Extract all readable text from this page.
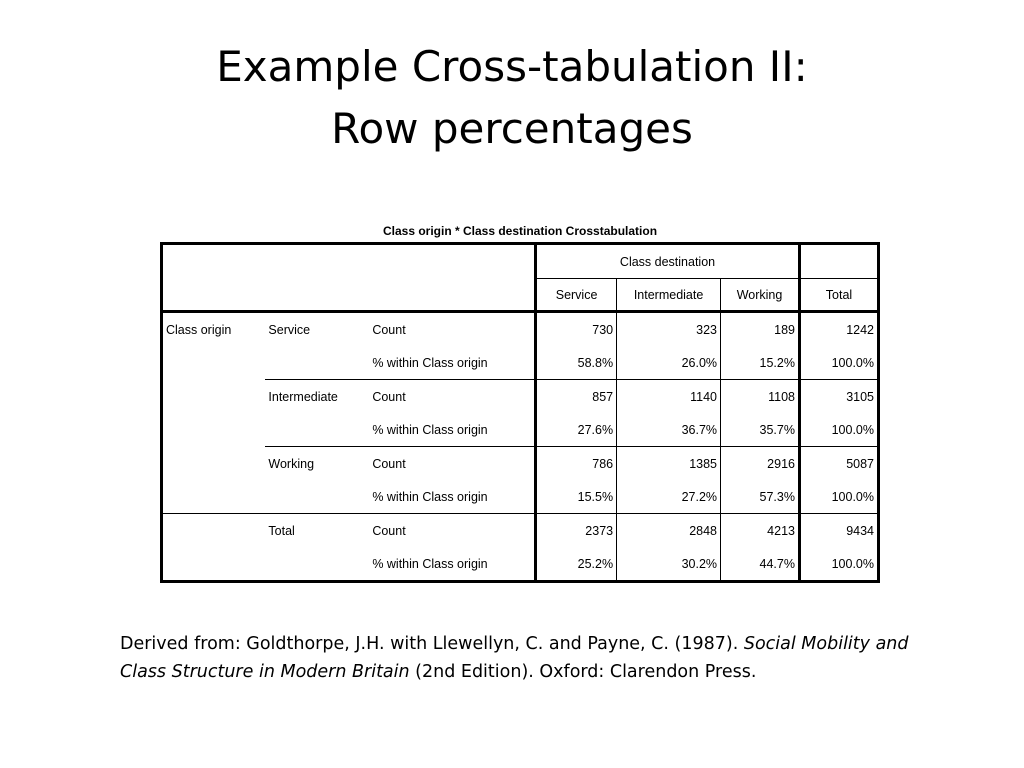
Example Cross-tabulation II:
Row percentages
Class origin * Class destination Crosstabulation
			Class destination			
			Service	Intermediate	Working	Total
Class origin	Service	Count	730	323	189	1242
		% within Class origin	58.8%	26.0%	15.2%	100.0%
	Intermediate	Count	857	1140	1108	3105
		% within Class origin	27.6%	36.7%	35.7%	100.0%
	Working	Count	786	1385	2916	5087
		% within Class origin	15.5%	27.2%	57.3%	100.0%
	Total	Count	2373	2848	4213	9434
		% within Class origin	25.2%	30.2%	44.7%	100.0%
Derived from: Goldthorpe, J.H. with Llewellyn, C. and Payne, C. (1987). Social Mobility and Class Structure in Modern Britain (2nd Edition). Oxford: Clarendon Press.
